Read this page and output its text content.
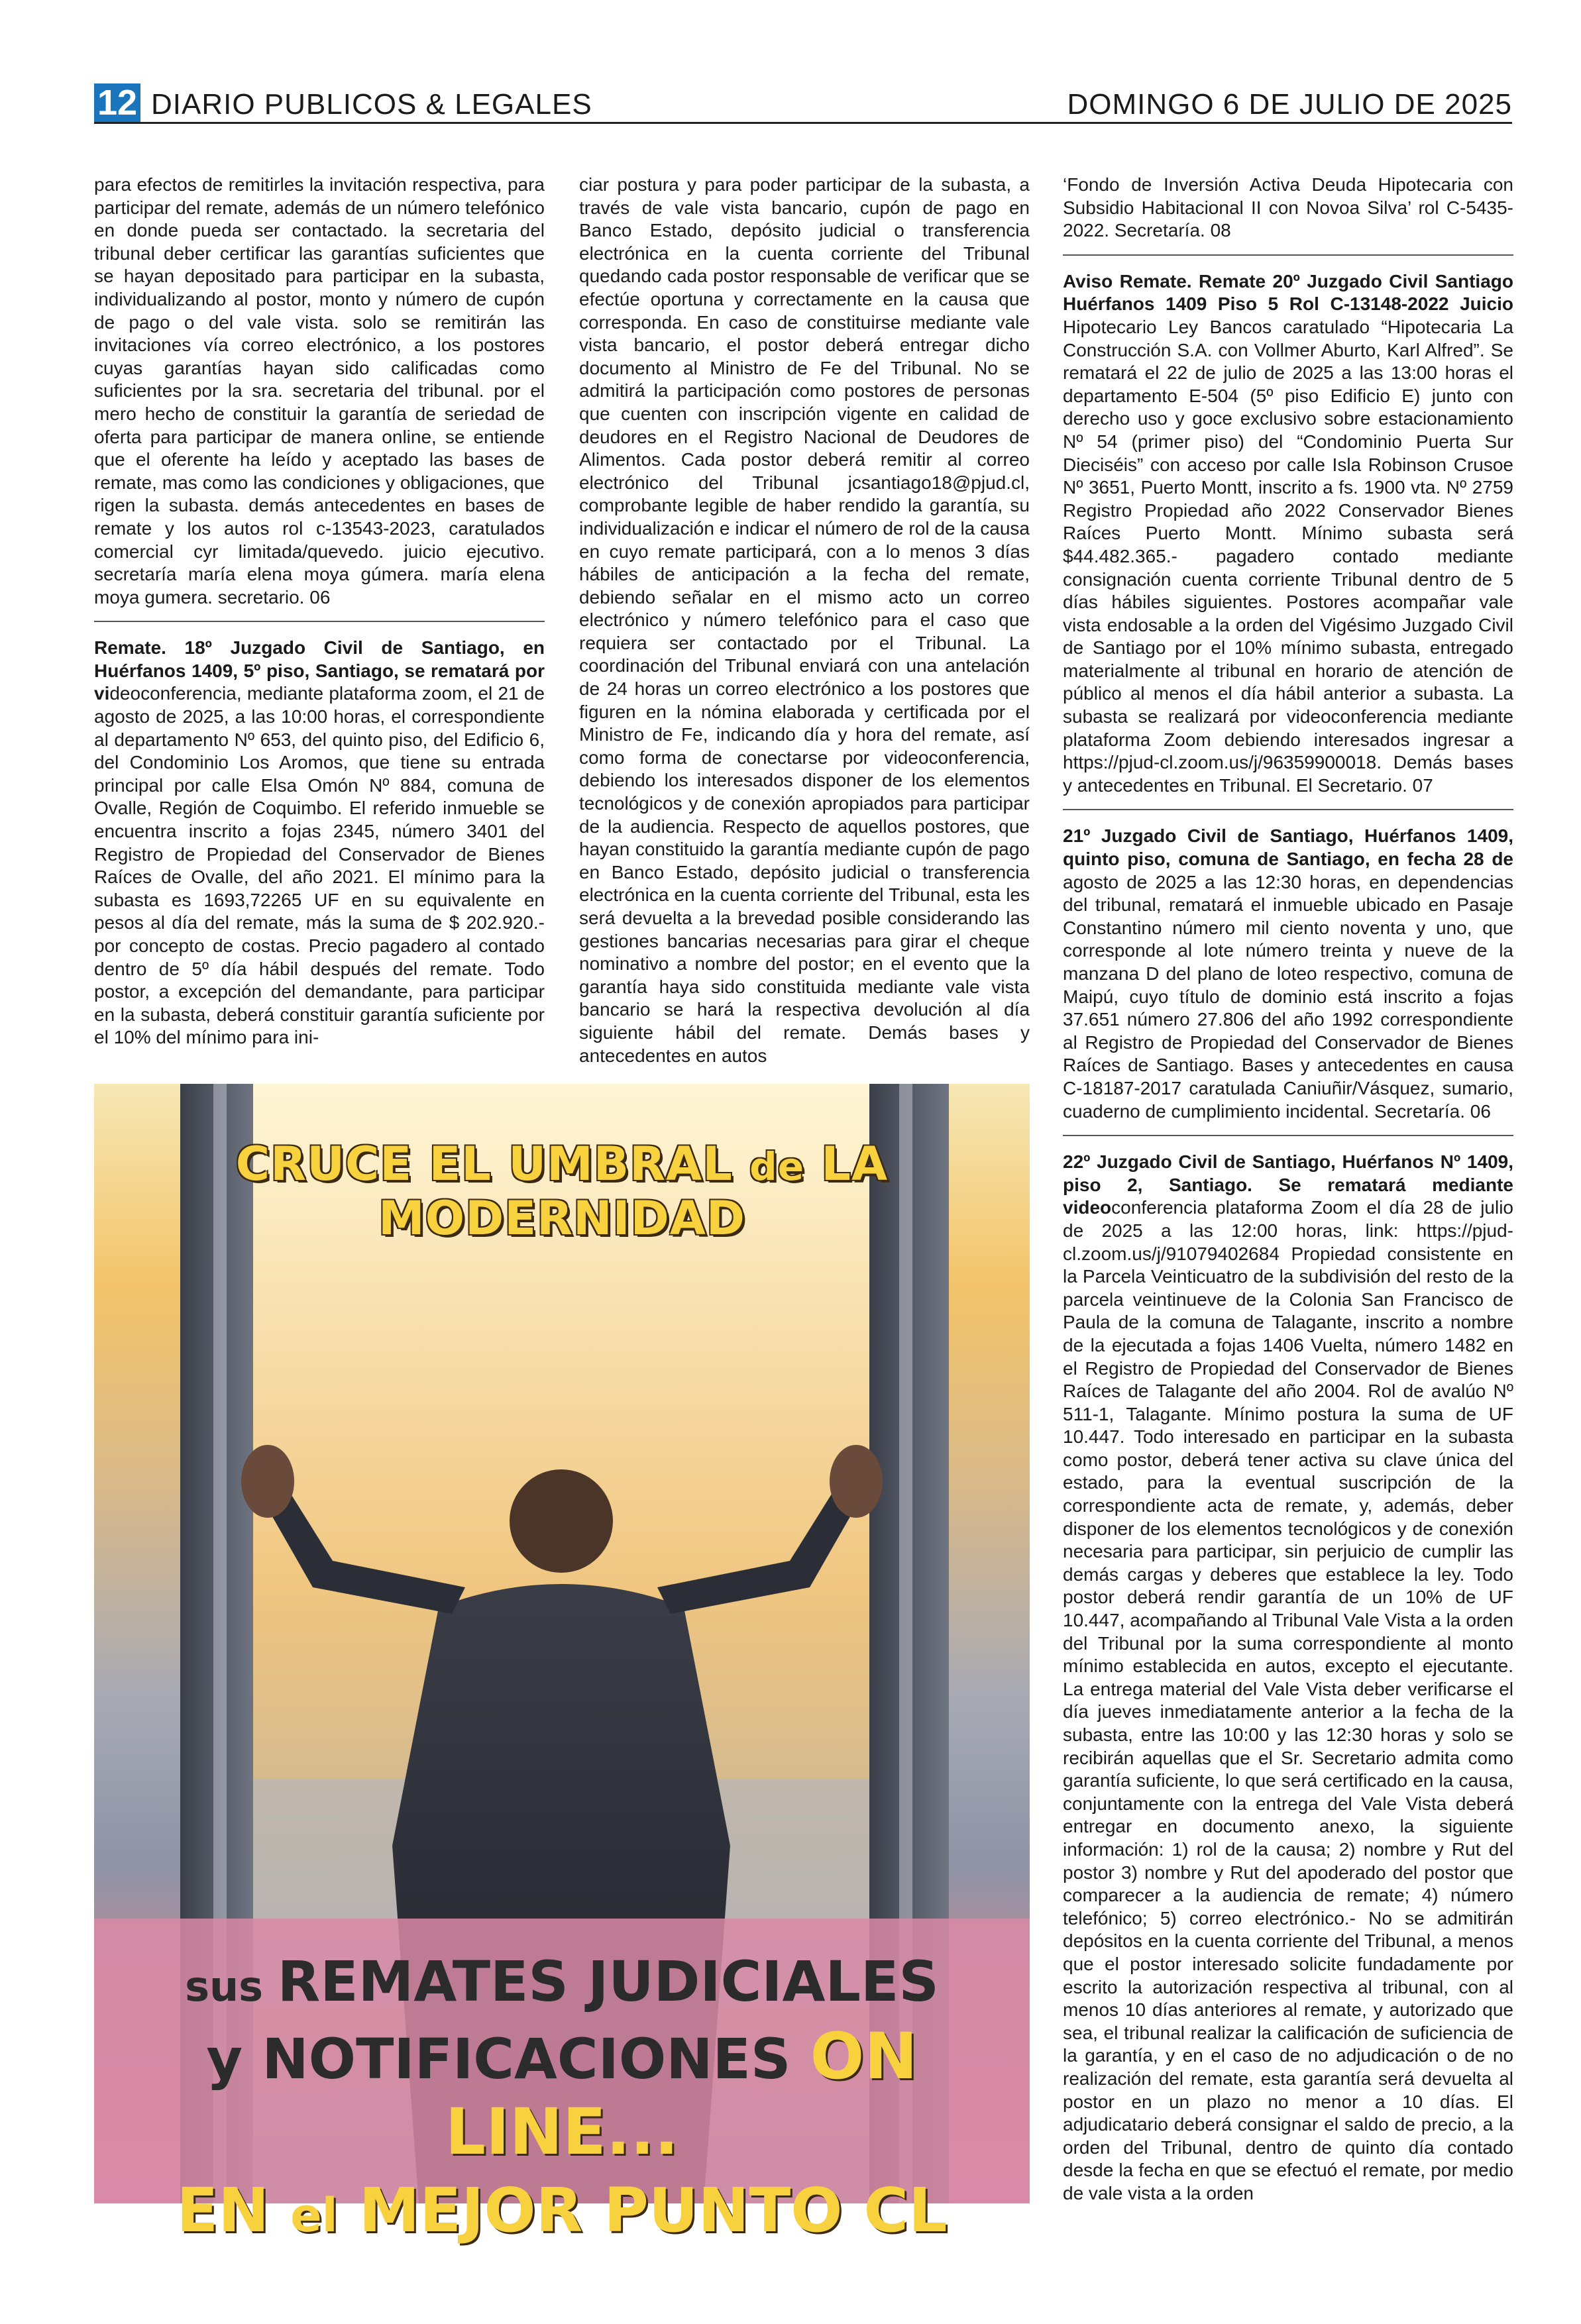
12 DIARIO PUBLICOS & LEGALES	DOMINGO 6 DE JULIO DE 2025

para efectos de remitirles la invitación respectiva, para participar del remate, además de un número telefónico en donde pueda ser contactado. la secretaria del tribunal deber certificar las garantías suficientes que se hayan depositado para participar en la subasta, individualizando al postor, monto y número de cupón de pago o del vale vista. solo se remitirán las invitaciones vía correo electrónico, a los postores cuyas garantías hayan sido calificadas como suficientes por la sra. secretaria del tribunal. por el mero hecho de constituir la garantía de seriedad de oferta para participar de manera online, se entiende que el oferente ha leído y aceptado las bases de remate, mas como las condiciones y obligaciones, que rigen la subasta. demás antecedentes en bases de remate y los autos rol c-13543-2023, caratulados comercial cyr limitada/quevedo. juicio ejecutivo. secretaría maría elena moya gúmera. maría elena moya gumera. secretario. 06

Remate. 18º Juzgado Civil de Santiago, en Huérfanos 1409, 5º piso, Santiago, se rematará por videoconferencia, mediante plataforma zoom, el 21 de agosto de 2025, a las 10:00 horas, el correspondiente al departamento Nº 653, del quinto piso, del Edificio 6, del Condominio Los Aromos, que tiene su entrada principal por calle Elsa Omón Nº 884, comuna de Ovalle, Región de Coquimbo. El referido inmueble se encuentra inscrito a fojas 2345, número 3401 del Registro de Propiedad del Conservador de Bienes Raíces de Ovalle, del año 2021. El mínimo para la subasta es 1693,72265 UF en su equivalente en pesos al día del remate, más la suma de $ 202.920.- por concepto de costas. Precio pagadero al contado dentro de 5º día hábil después del remate. Todo postor, a excepción del demandante, para participar en la subasta, deberá constituir garantía suficiente por el 10% del mínimo para ini-

ciar postura y para poder participar de la subasta, a través de vale vista bancario, cupón de pago en Banco Estado, depósito judicial o transferencia electrónica en la cuenta corriente del Tribunal quedando cada postor responsable de verificar que se efectúe oportuna y correctamente en la causa que corresponda. En caso de constituirse mediante vale vista bancario, el postor deberá entregar dicho documento al Ministro de Fe del Tribunal. No se admitirá la participación como postores de personas que cuenten con inscripción vigente en calidad de deudores en el Registro Nacional de Deudores de Alimentos. Cada postor deberá remitir al correo electrónico del Tribunal jcsantiago18@pjud.cl, comprobante legible de haber rendido la garantía, su individualización e indicar el número de rol de la causa en cuyo remate participará, con a lo menos 3 días hábiles de anticipación a la fecha del remate, debiendo señalar en el mismo acto un correo electrónico y número telefónico para el caso que requiera ser contactado por el Tribunal. La coordinación del Tribunal enviará con una antelación de 24 horas un correo electrónico a los postores que figuren en la nómina elaborada y certificada por el Ministro de Fe, indicando día y hora del remate, así como forma de conectarse por videoconferencia, debiendo los interesados disponer de los elementos tecnológicos y de conexión apropiados para participar de la audiencia. Respecto de aquellos postores, que hayan constituido la garantía mediante cupón de pago en Banco Estado, depósito judicial o transferencia electrónica en la cuenta corriente del Tribunal, esta les será devuelta a la brevedad posible considerando las gestiones bancarias necesarias para girar el cheque nominativo a nombre del postor; en el evento que la garantía haya sido constituida mediante vale vista bancario se hará la respectiva devolución al día siguiente hábil del remate. Demás bases y antecedentes en autos

‘Fondo de Inversión Activa Deuda Hipotecaria con Subsidio Habitacional II con Novoa Silva’ rol C-5435-2022. Secretaría. 08

Aviso Remate. Remate 20º Juzgado Civil Santiago Huérfanos 1409 Piso 5 Rol C-13148-2022 Juicio Hipotecario Ley Bancos caratulado “Hipotecaria La Construcción S.A. con Vollmer Aburto, Karl Alfred”. Se rematará el 22 de julio de 2025 a las 13:00 horas el departamento E-504 (5º piso Edificio E) junto con derecho uso y goce exclusivo sobre estacionamiento Nº 54 (primer piso) del “Condominio Puerta Sur Dieciséis” con acceso por calle Isla Robinson Crusoe Nº 3651, Puerto Montt, inscrito a fs. 1900 vta. Nº 2759 Registro Propiedad año 2022 Conservador Bienes Raíces Puerto Montt. Mínimo subasta será $44.482.365.- pagadero contado mediante consignación cuenta corriente Tribunal dentro de 5 días hábiles siguientes. Postores acompañar vale vista endosable a la orden del Vigésimo Juzgado Civil de Santiago por el 10% mínimo subasta, entregado materialmente al tribunal en horario de atención de público al menos el día hábil anterior a subasta. La subasta se realizará por videoconferencia mediante plataforma Zoom debiendo interesados ingresar a https://pjud-cl.zoom.us/j/96359900018. Demás bases y antecedentes en Tribunal. El Secretario. 07

21º Juzgado Civil de Santiago, Huérfanos 1409, quinto piso, comuna de Santiago, en fecha 28 de agosto de 2025 a las 12:30 horas, en dependencias del tribunal, rematará el inmueble ubicado en Pasaje Constantino número mil ciento noventa y uno, que corresponde al lote número treinta y nueve de la manzana D del plano de loteo respectivo, comuna de Maipú, cuyo título de dominio está inscrito a fojas 37.651 número 27.806 del año 1992 correspondiente al Registro de Propiedad del Conservador de Bienes Raíces de Santiago. Bases y antecedentes en causa C-18187-2017 caratulada Caniuñir/Vásquez, sumario, cuaderno de cumplimiento incidental. Secretaría. 06

22º Juzgado Civil de Santiago, Huérfanos Nº 1409, piso 2, Santiago. Se rematará mediante videoconferencia plataforma Zoom el día 28 de julio de 2025 a las 12:00 horas, link: https://pjud-cl.zoom.us/j/91079402684 Propiedad consistente en la Parcela Veinticuatro de la subdivisión del resto de la parcela veintinueve de la Colonia San Francisco de Paula de la comuna de Talagante, inscrito a nombre de la ejecutada a fojas 1406 Vuelta, número 1482 en el Registro de Propiedad del Conservador de Bienes Raíces de Talagante del año 2004. Rol de avalúo Nº 511-1, Talagante. Mínimo postura la suma de UF 10.447. Todo interesado en participar en la subasta como postor, deberá tener activa su clave única del estado, para la eventual suscripción de la correspondiente acta de remate, y, además, deber disponer de los elementos tecnológicos y de conexión necesaria para participar, sin perjuicio de cumplir las demás cargas y deberes que establece la ley. Todo postor deberá rendir garantía de un 10% de UF 10.447, acompañando al Tribunal Vale Vista a la orden del Tribunal por la suma correspondiente al monto mínimo establecida en autos, excepto el ejecutante. La entrega material del Vale Vista deber verificarse el día jueves inmediatamente anterior a la fecha de la subasta, entre las 10:00 y las 12:30 horas y solo se recibirán aquellas que el Sr. Secretario admita como garantía suficiente, lo que será certificado en la causa, conjuntamente con la entrega del Vale Vista deberá entregar en documento anexo, la siguiente información: 1) rol de la causa; 2) nombre y Rut del postor 3) nombre y Rut del apoderado del postor que comparecer a la audiencia de remate; 4) número telefónico; 5) correo electrónico.- No se admitirán depósitos en la cuenta corriente del Tribunal, a menos que el postor interesado solicite fundadamente por escrito la autorización respectiva al tribunal, con al menos 10 días anteriores al remate, y autorizado que sea, el tribunal realizar la calificación de suficiencia de la garantía, y en el caso de no adjudicación o de no realización del remate, esta garantía será devuelta al postor en un plazo no menor a 10 días. El adjudicatario deberá consignar el saldo de precio, a la orden del Tribunal, dentro de quinto día contado desde la fecha en que se efectuó el remate, por medio de vale vista a la orden

CRUCE EL UMBRAL de LA MODERNIDAD
sus REMATES JUDICIALES
y NOTIFICACIONES ON LINE...
EN el MEJOR PUNTO CL
